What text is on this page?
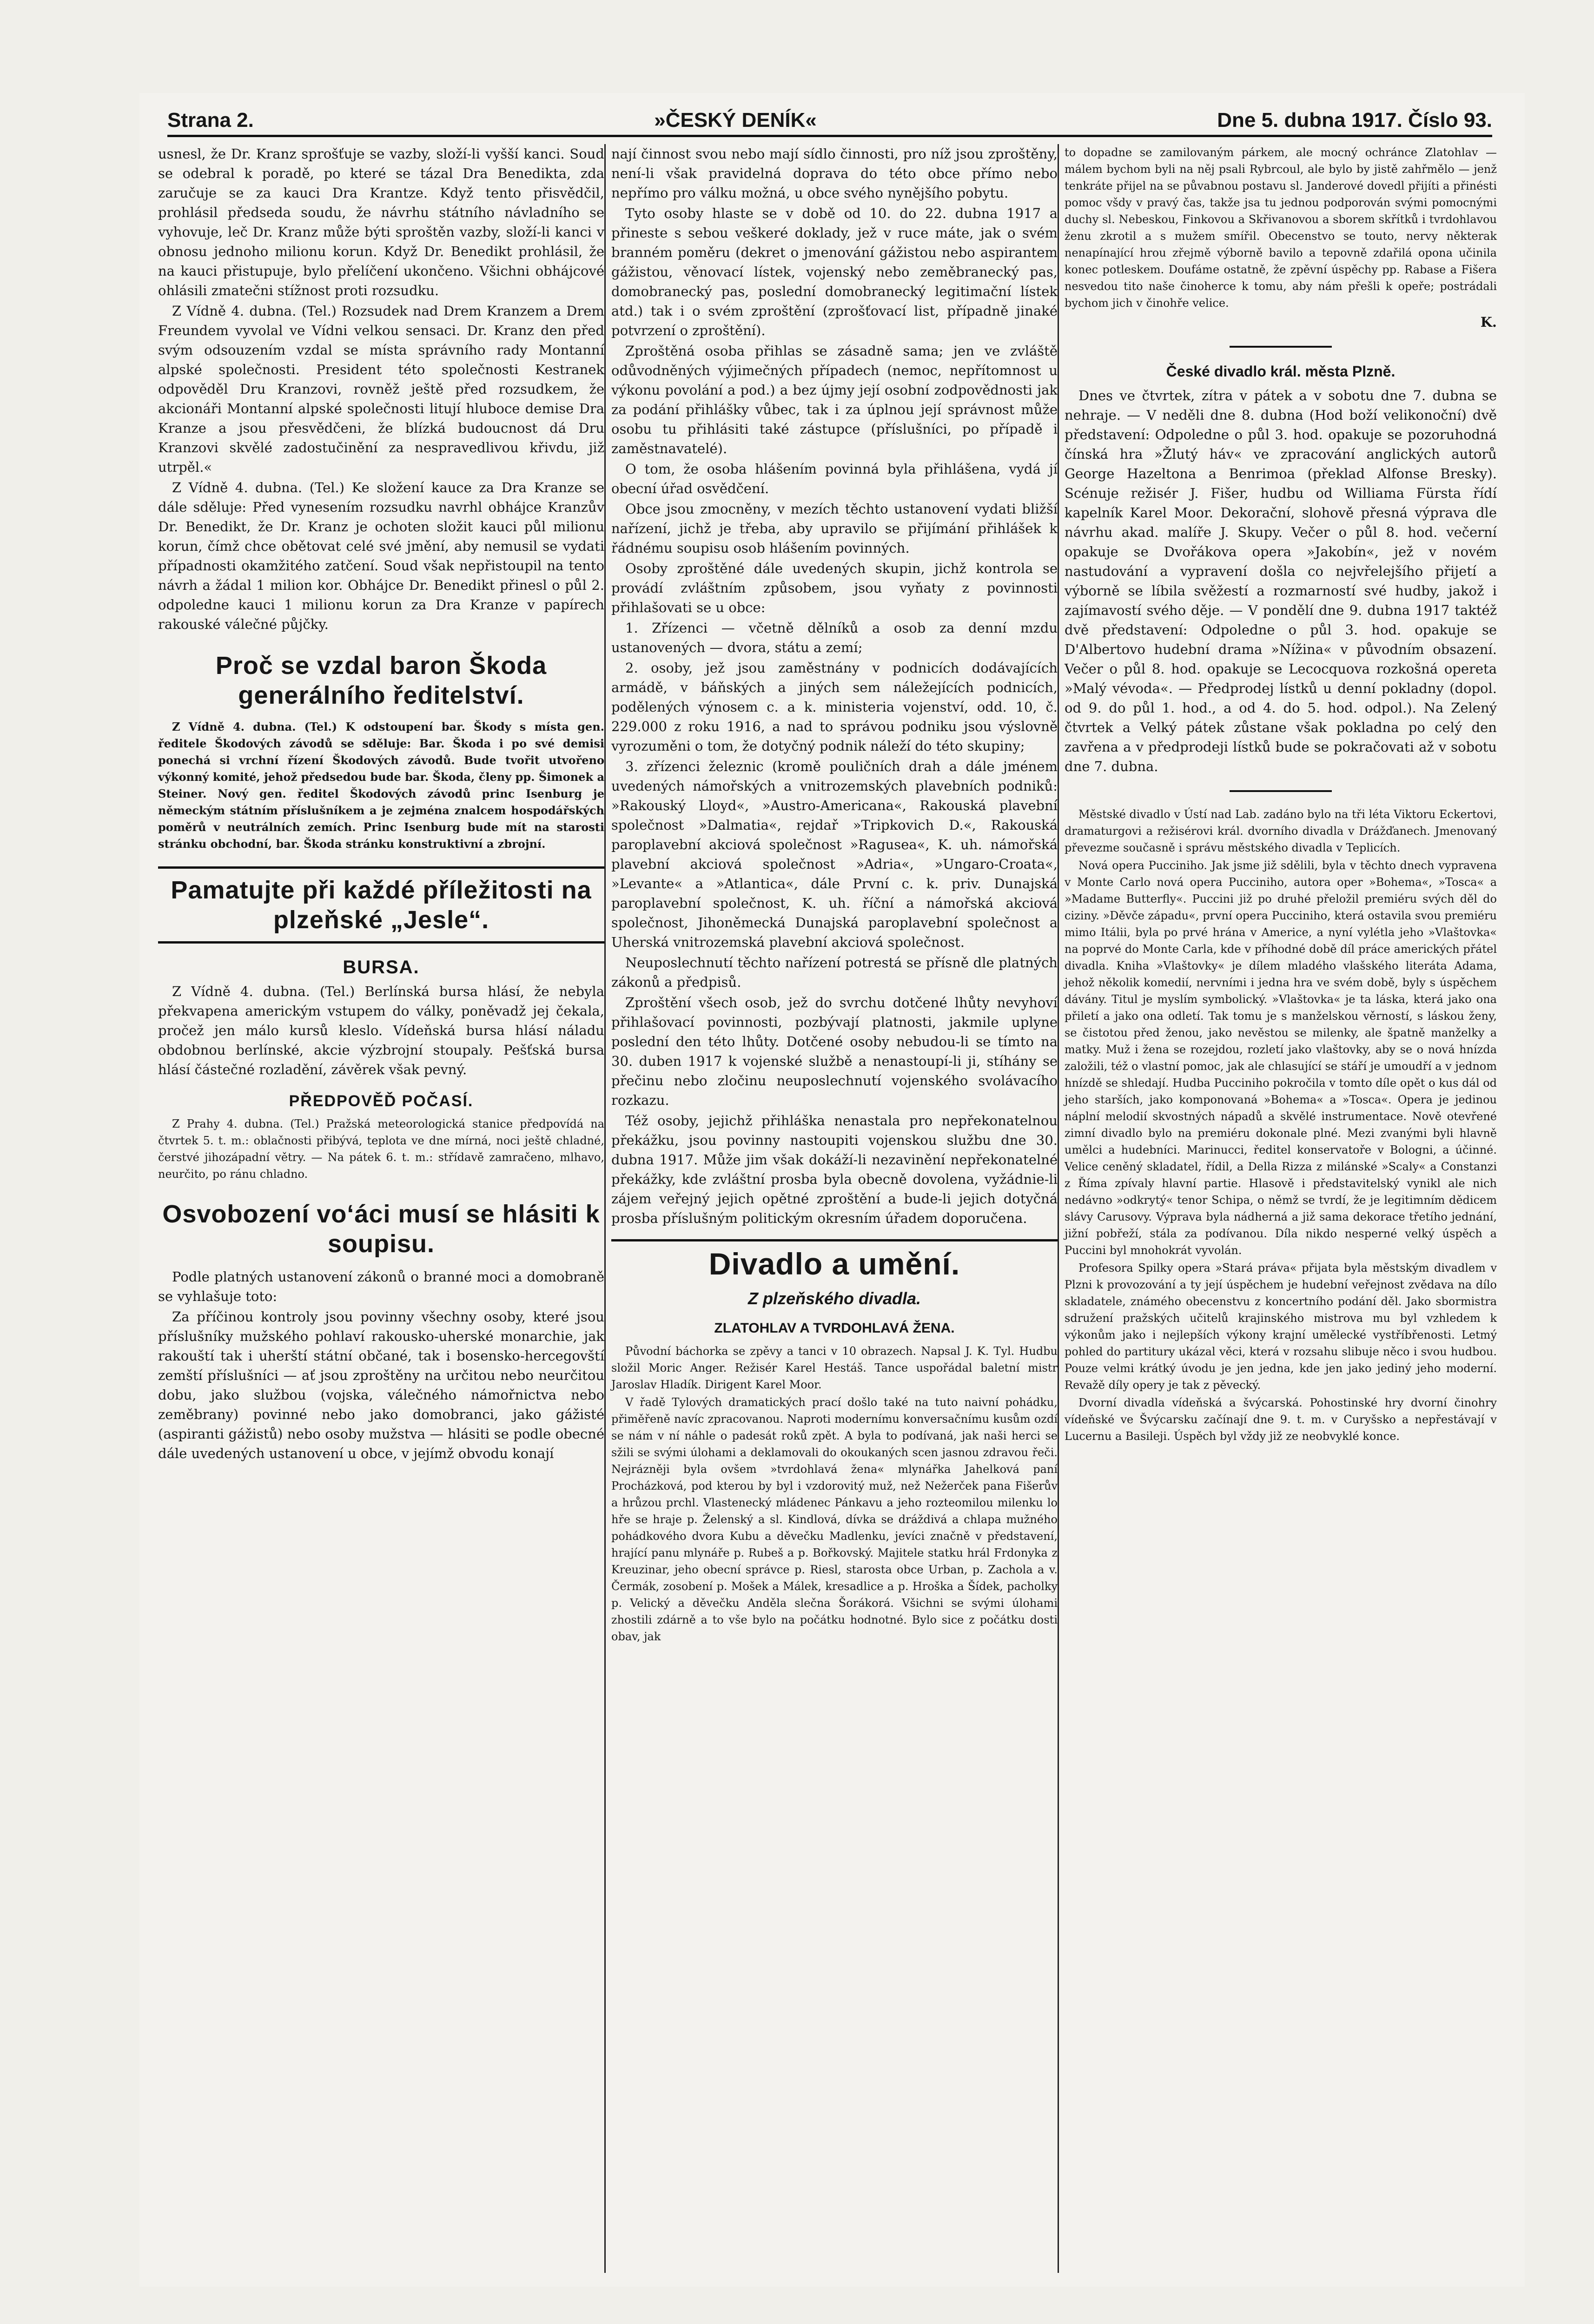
Strana 2.	»ČESKÝ DENÍK«	Dne 5. dubna 1917. Číslo 93.

usnesl, že Dr. Kranz sprošťuje se vazby, složí-li vyšší kanci. Soud se odebral k poradě, po které se tázal Dra Benedikta, zda zaručuje se za kauci Dra Krantze. Když tento přisvědčil, prohlásil předseda soudu, že návrhu státního návladního se vyhovuje, leč Dr. Kranz může býti sproštěn vazby, složí-li kanci v obnosu jednoho milionu korun. Když Dr. Benedikt prohlásil, že na kauci přistupuje, bylo přelíčení ukončeno. Všichni obhájcové ohlásili zmatečni stížnost proti rozsudku.

Z Vídně 4. dubna. (Tel.) Rozsudek nad Drem Kranzem a Drem Freundem vyvolal ve Vídni velkou sensaci. Dr. Kranz den před svým odsouzením vzdal se místa správního rady Montanní alpské společnosti. President této společnosti Kestranek odpověděl Dru Kranzovi, rovněž ještě před rozsudkem, že akcionáři Montanní alpské společnosti litují hluboce demise Dra Kranze a jsou přesvědčeni, že blízká budoucnost dá Dru Kranzovi skvělé zadostučinění za nespravedlivou křivdu, již utrpěl.«

Z Vídně 4. dubna. (Tel.) Ke složení kauce za Dra Kranze se dále sděluje: Před vynesením rozsudku navrhl obhájce Kranzův Dr. Benedikt, že Dr. Kranz je ochoten složit kauci půl milionu korun, čímž chce obětovat celé své jmění, aby nemusil se vydati případnosti okamžitého zatčení. Soud však nepřistoupil na tento návrh a žádal 1 milion kor. Obhájce Dr. Benedikt přinesl o půl 2. odpoledne kauci 1 milionu korun za Dra Kranze v papírech rakouské válečné půjčky.

Proč se vzdal baron Škoda generálního ředitelství.

Z Vídně 4. dubna. (Tel.) K odstoupení bar. Škody s místa gen. ředitele Škodových závodů se sděluje: Bar. Škoda i po své demisi ponechá si vrchní řízení Škodových závodů. Bude tvořit utvořeno výkonný komité, jehož předsedou bude bar. Škoda, členy pp. Šimonek a Steiner. Nový gen. ředitel Škodových závodů princ Isenburg je německým státním příslušníkem a je zejména znalcem hospodářských poměrů v neutrálních zemích. Princ Isenburg bude mít na starosti stránku obchodní, bar. Škoda stránku konstruktivní a zbrojní.

Pamatujte při každé příležitosti na plzeňské „Jesle“.
BURSA.

Z Vídně 4. dubna. (Tel.) Berlínská bursa hlásí, že nebyla překvapena americkým vstupem do války, poněvadž jej čekala, pročež jen málo kursů kleslo. Vídeňská bursa hlásí náladu obdobnou berlínské, akcie výzbrojní stoupaly. Pešťská bursa hlásí částečné rozladění, závěrek však pevný.

PŘEDPOVĚĎ POČASÍ.

Z Prahy 4. dubna. (Tel.) Pražská meteorologická stanice předpovídá na čtvrtek 5. t. m.: oblačnosti přibývá, teplota ve dne mírná, noci ještě chladné, čerstvé jihozápadní větry. — Na pátek 6. t. m.: střídavě zamračeno, mlhavo, neurčito, po ránu chladno.

Osvobození vo‘áci musí se hlásiti k soupisu.

Podle platných ustanovení zákonů o branné moci a domobraně se vyhlašuje toto:

Za příčinou kontroly jsou povinny všechny osoby, které jsou příslušníky mužského pohlaví rakousko-uherské monarchie, jak rakouští tak i uherští státní občané, tak i bosensko-hercegovští zemští příslušníci — ať jsou zproštěny na určitou nebo neurčitou dobu, jako službou (vojska, válečného námořnictva nebo zeměbrany) povinné nebo jako domobranci, jako gážisté (aspiranti gážistů) nebo osoby mužstva — hlásiti se podle obecné dále uvedených ustanovení u obce, v jejímž obvodu konají

nají činnost svou nebo mají sídlo činnosti, pro níž jsou zproštěny, není-li však pravidelná doprava do této obce přímo nebo nepřímo pro válku možná, u obce svého nynějšího pobytu.

Tyto osoby hlaste se v době od 10. do 22. dubna 1917 a přineste s sebou veškeré doklady, jež v ruce máte, jak o svém branném poměru (dekret o jmenování gážistou nebo aspirantem gážistou, věnovací lístek, vojenský nebo zeměbranecký pas, domobranecký pas, poslední domobranecký legitimační lístek atd.) tak i o svém zproštění (zprošťovací list, případně jinaké potvrzení o zproštění).

Zproštěná osoba přihlas se zásadně sama; jen ve zvláště odůvodněných výjimečných případech (nemoc, nepřítomnost u výkonu povolání a pod.) a bez újmy její osobní zodpovědnosti jak za podání přihlášky vůbec, tak i za úplnou její správnost může osobu tu přihlásiti také zástupce (příslušníci, po případě i zaměstnavatelé).

O tom, že osoba hlášením povinná byla přihlášena, vydá jí obecní úřad osvědčení.

Obce jsou zmocněny, v mezích těchto ustanovení vydati bližší nařízení, jichž je třeba, aby upravilo se přijímání přihlášek k řádnému soupisu osob hlášením povinných.

Osoby zproštěné dále uvedených skupin, jichž kontrola se provádí zvláštním způsobem, jsou vyňaty z povinnosti přihlašovati se u obce:

1. Zřízenci — včetně dělníků a osob za denní mzdu ustanovených — dvora, státu a zemí;

2. osoby, jež jsou zaměstnány v podnicích dodávajících armádě, v báňských a jiných sem náležejících podnicích, podělených výnosem c. a k. ministeria vojenství, odd. 10, č. 229.000 z roku 1916, a nad to správou podniku jsou výslovně vyrozuměni o tom, že dotyčný podnik náleží do této skupiny;

3. zřízenci železnic (kromě pouličních drah a dále jménem uvedených námořských a vnitrozemských plavebních podniků: »Rakouský Lloyd«, »Austro-Americana«, Rakouská plavební společnost »Dalmatia«, rejdař »Tripkovich D.«, Rakouská paroplavební akciová společnost »Ragusea«, K. uh. námořská plavební akciová společnost »Adria«, »Ungaro-Croata«, »Levante« a »Atlantica«, dále První c. k. priv. Dunajská paroplavební společnost, K. uh. říční a námořská akciová společnost, Jihoněmecká Dunajská paroplavební společnost a Uherská vnitrozemská plavební akciová společnost.

Neuposlechnutí těchto nařízení potrestá se přísně dle platných zákonů a předpisů.

Zproštění všech osob, jež do svrchu dotčené lhůty nevyhoví přihlašovací povinnosti, pozbývají platnosti, jakmile uplyne poslední den této lhůty. Dotčené osoby nebudou-li se tímto na 30. duben 1917 k vojenské službě a nenastoupí-li ji, stíhány se přečinu nebo zločinu neuposlechnutí vojenského svolávacího rozkazu.

Též osoby, jejichž přihláška nenastala pro nepřekonatelnou překážku, jsou povinny nastoupiti vojenskou službu dne 30. dubna 1917. Může jim však dokáží-li nezavinění nepřekonatelné překážky, kde zvláštní prosba byla obecně dovolena, vyžádnie-li zájem veřejný jejich opětné zproštění a bude-li jejich dotyčná prosba příslušným politickým okresním úřadem doporučena.

Divadlo a umění.
Z plzeňského divadla.
ZLATOHLAV A TVRDOHLAVÁ ŽENA.

Původní báchorka se zpěvy a tanci v 10 obrazech. Napsal J. K. Tyl. Hudbu složil Moric Anger. Režisér Karel Hestáš. Tance uspořádal baletní mistr Jaroslav Hladík. Dirigent Karel Moor.

V řadě Tylových dramatických prací došlo také na tuto naivní pohádku, přiměřeně navíc zpracovanou. Naproti modernímu konversačnímu kusům ozdí se nám v ní náhle o padesát roků zpět. A byla to podívaná, jak naši herci se sžili se svými úlohami a deklamovali do okoukaných scen jasnou zdravou řeči. Nejrázněji byla ovšem »tvrdohlavá žena« mlynářka Jahelková paní Procházková, pod kterou by byl i vzdorovitý muž, než Nežerček pana Fišerův a hrůzou prchl. Vlastenecký mládenec Pánkavu a jeho rozteomilou milenku lo hře se hraje p. Želenský a sl. Kindlová, dívka se dráždivá a chlapa mužného pohádkového dvora Kubu a děvečku Madlenku, jevíci značně v představení, hrající panu mlynáře p. Rubeš a p. Bořkovský. Majitele statku hrál Frdonyka z Kreuzinar, jeho obecní správce p. Riesl, starosta obce Urban, p. Zachola a v. Čermák, zosobení p. Mošek a Málek, kresadlice a p. Hroška a Šídek, pacholky p. Velický a děvečku Anděla slečna Šorákorá. Všichni se svými úlohami zhostili zdárně a to vše bylo na počátku hodnotné. Bylo sice z počátku dosti obav, jak

to dopadne se zamilovaným párkem, ale mocný ochránce Zlatohlav — málem bychom byli na něj psali Rybrcoul, ale bylo by jistě zahřmělo — jenž tenkráte přijel na se půvabnou postavu sl. Janderové dovedl přijíti a přinésti pomoc všdy v pravý čas, takže jsa tu jednou podporován svými pomocnými duchy sl. Nebeskou, Finkovou a Skřivanovou a sborem skřítků i tvrdohlavou ženu zkrotil a s mužem smířil. Obecenstvo se touto, nervy některak nenapínající hrou zřejmě výborně bavilo a tepovně zdařilá opona učinila konec potleskem. Doufáme ostatně, že zpěvní úspěchy pp. Rabase a Fišera nesvedou tito naše činoherce k tomu, aby nám přešli k opeře; postrádali bychom jich v činohře velice.

K.

České divadlo král. města Plzně.

Dnes ve čtvrtek, zítra v pátek a v sobotu dne 7. dubna se nehraje. — V neděli dne 8. dubna (Hod boží velikonoční) dvě představení: Odpoledne o půl 3. hod. opakuje se pozoruhodná čínská hra »Žlutý háv« ve zpracování anglických autorů George Hazeltona a Benrimoa (překlad Alfonse Bresky). Scénuje režisér J. Fišer, hudbu od Williama Fürsta řídí kapelník Karel Moor. Dekorační, slohově přesná výprava dle návrhu akad. malíře J. Skupy. Večer o půl 8. hod. večerní opakuje se Dvořákova opera »Jakobín«, jež v novém nastudování a vypravení došla co nejvřelejšího přijetí a výborně se líbila svěžestí a rozmarností své hudby, jakož i zajímavostí svého děje. — V pondělí dne 9. dubna 1917 taktéž dvě představení: Odpoledne o půl 3. hod. opakuje se D'Albertovo hudební drama »Nížina« v původním obsazení. Večer o půl 8. hod. opakuje se Lecocquova rozkošná opereta »Malý vévoda«. — Předprodej lístků u denní pokladny (dopol. od 9. do půl 1. hod., a od 4. do 5. hod. odpol.). Na Zelený čtvrtek a Velký pátek zůstane však pokladna po celý den zavřena a v předprodeji lístků bude se pokračovati až v sobotu dne 7. dubna.

Městské divadlo v Ústí nad Lab. zadáno bylo na tři léta Viktoru Eckertovi, dramaturgovi a režisérovi král. dvorního divadla v Drážďanech. Jmenovaný převezme současně i správu městského divadla v Teplicích.

Nová opera Pucciniho. Jak jsme již sdělili, byla v těchto dnech vypravena v Monte Carlo nová opera Pucciniho, autora oper »Bohema«, »Tosca« a »Madame Butterfly«. Puccini již po druhé přeložil premiéru svých děl do ciziny. »Děvče západu«, první opera Pucciniho, která ostavila svou premiéru mimo Itálii, byla po prvé hrána v Americe, a nyní vylétla jeho »Vlaštovka« na poprvé do Monte Carla, kde v příhodné době díl práce amerických přátel divadla. Kniha »Vlaštovky« je dílem mladého vlašského literáta Adama, jehož několik komedií, nervními i jedna hra ve svém době, byly s úspěchem dávány. Titul je myslím symbolický. »Vlaštovka« je ta láska, která jako ona přiletí a jako ona odletí. Tak tomu je s manželskou věrností, s láskou ženy, se čistotou před ženou, jako nevěstou se milenky, ale špatně manželky a matky. Muž i žena se rozejdou, rozletí jako vlaštovky, aby se o nová hnízda založili, též o vlastní pomoc, jak ale chlasující se stáří je umoudří a v jednom hnízdě se shledají. Hudba Pucciniho pokročila v tomto díle opět o kus dál od jeho starších, jako komponovaná »Bohema« a »Tosca«. Opera je jedinou náplní melodií skvostných nápadů a skvělé instrumentace. Nově otevřené zimní divadlo bylo na premiéru dokonale plné. Mezi zvanými byli hlavně umělci a hudebníci. Marinucci, ředitel konservatoře v Bologni, a účinné. Velice ceněný skladatel, řídil, a Della Rizza z milánské »Scaly« a Constanzi z Říma zpívaly hlavní partie. Hlasově i představitelský vynikl ale nich nedávno »odkrytý« tenor Schipa, o němž se tvrdí, že je legitimním dědicem slávy Carusovy. Výprava byla nádherná a již sama dekorace třetího jednání, jižní pobřeží, stála za podívanou. Díla nikdo nesperné velký úspěch a Puccini byl mnohokrát vyvolán.

Profesora Spilky opera »Stará práva« přijata byla městským divadlem v Plzni k provozování a ty její úspěchem je hudební veřejnost zvědava na dílo skladatele, známého obecenstvu z koncertního podání děl. Jako sbormistra sdružení pražských učitelů krajinského mistrova mu byl vzhledem k výkonům jako i nejlepších výkony krajní umělecké vystříbřenosti. Letmý pohled do partitury ukázal věci, která v rozsahu slibuje něco i svou hudbou. Pouze velmi krátký úvodu je jen jedna, kde jen jako jediný jeho moderní. Revažě díly opery je tak z pěvecký.

Dvorní divadla vídeňská a švýcarská. Pohostinské hry dvorní činohry vídeňské ve Švýcarsku začínají dne 9. t. m. v Curyšsko a nepřestávají v Lucernu a Basileji. Úspěch byl vždy již ze neobvyklé konce.
